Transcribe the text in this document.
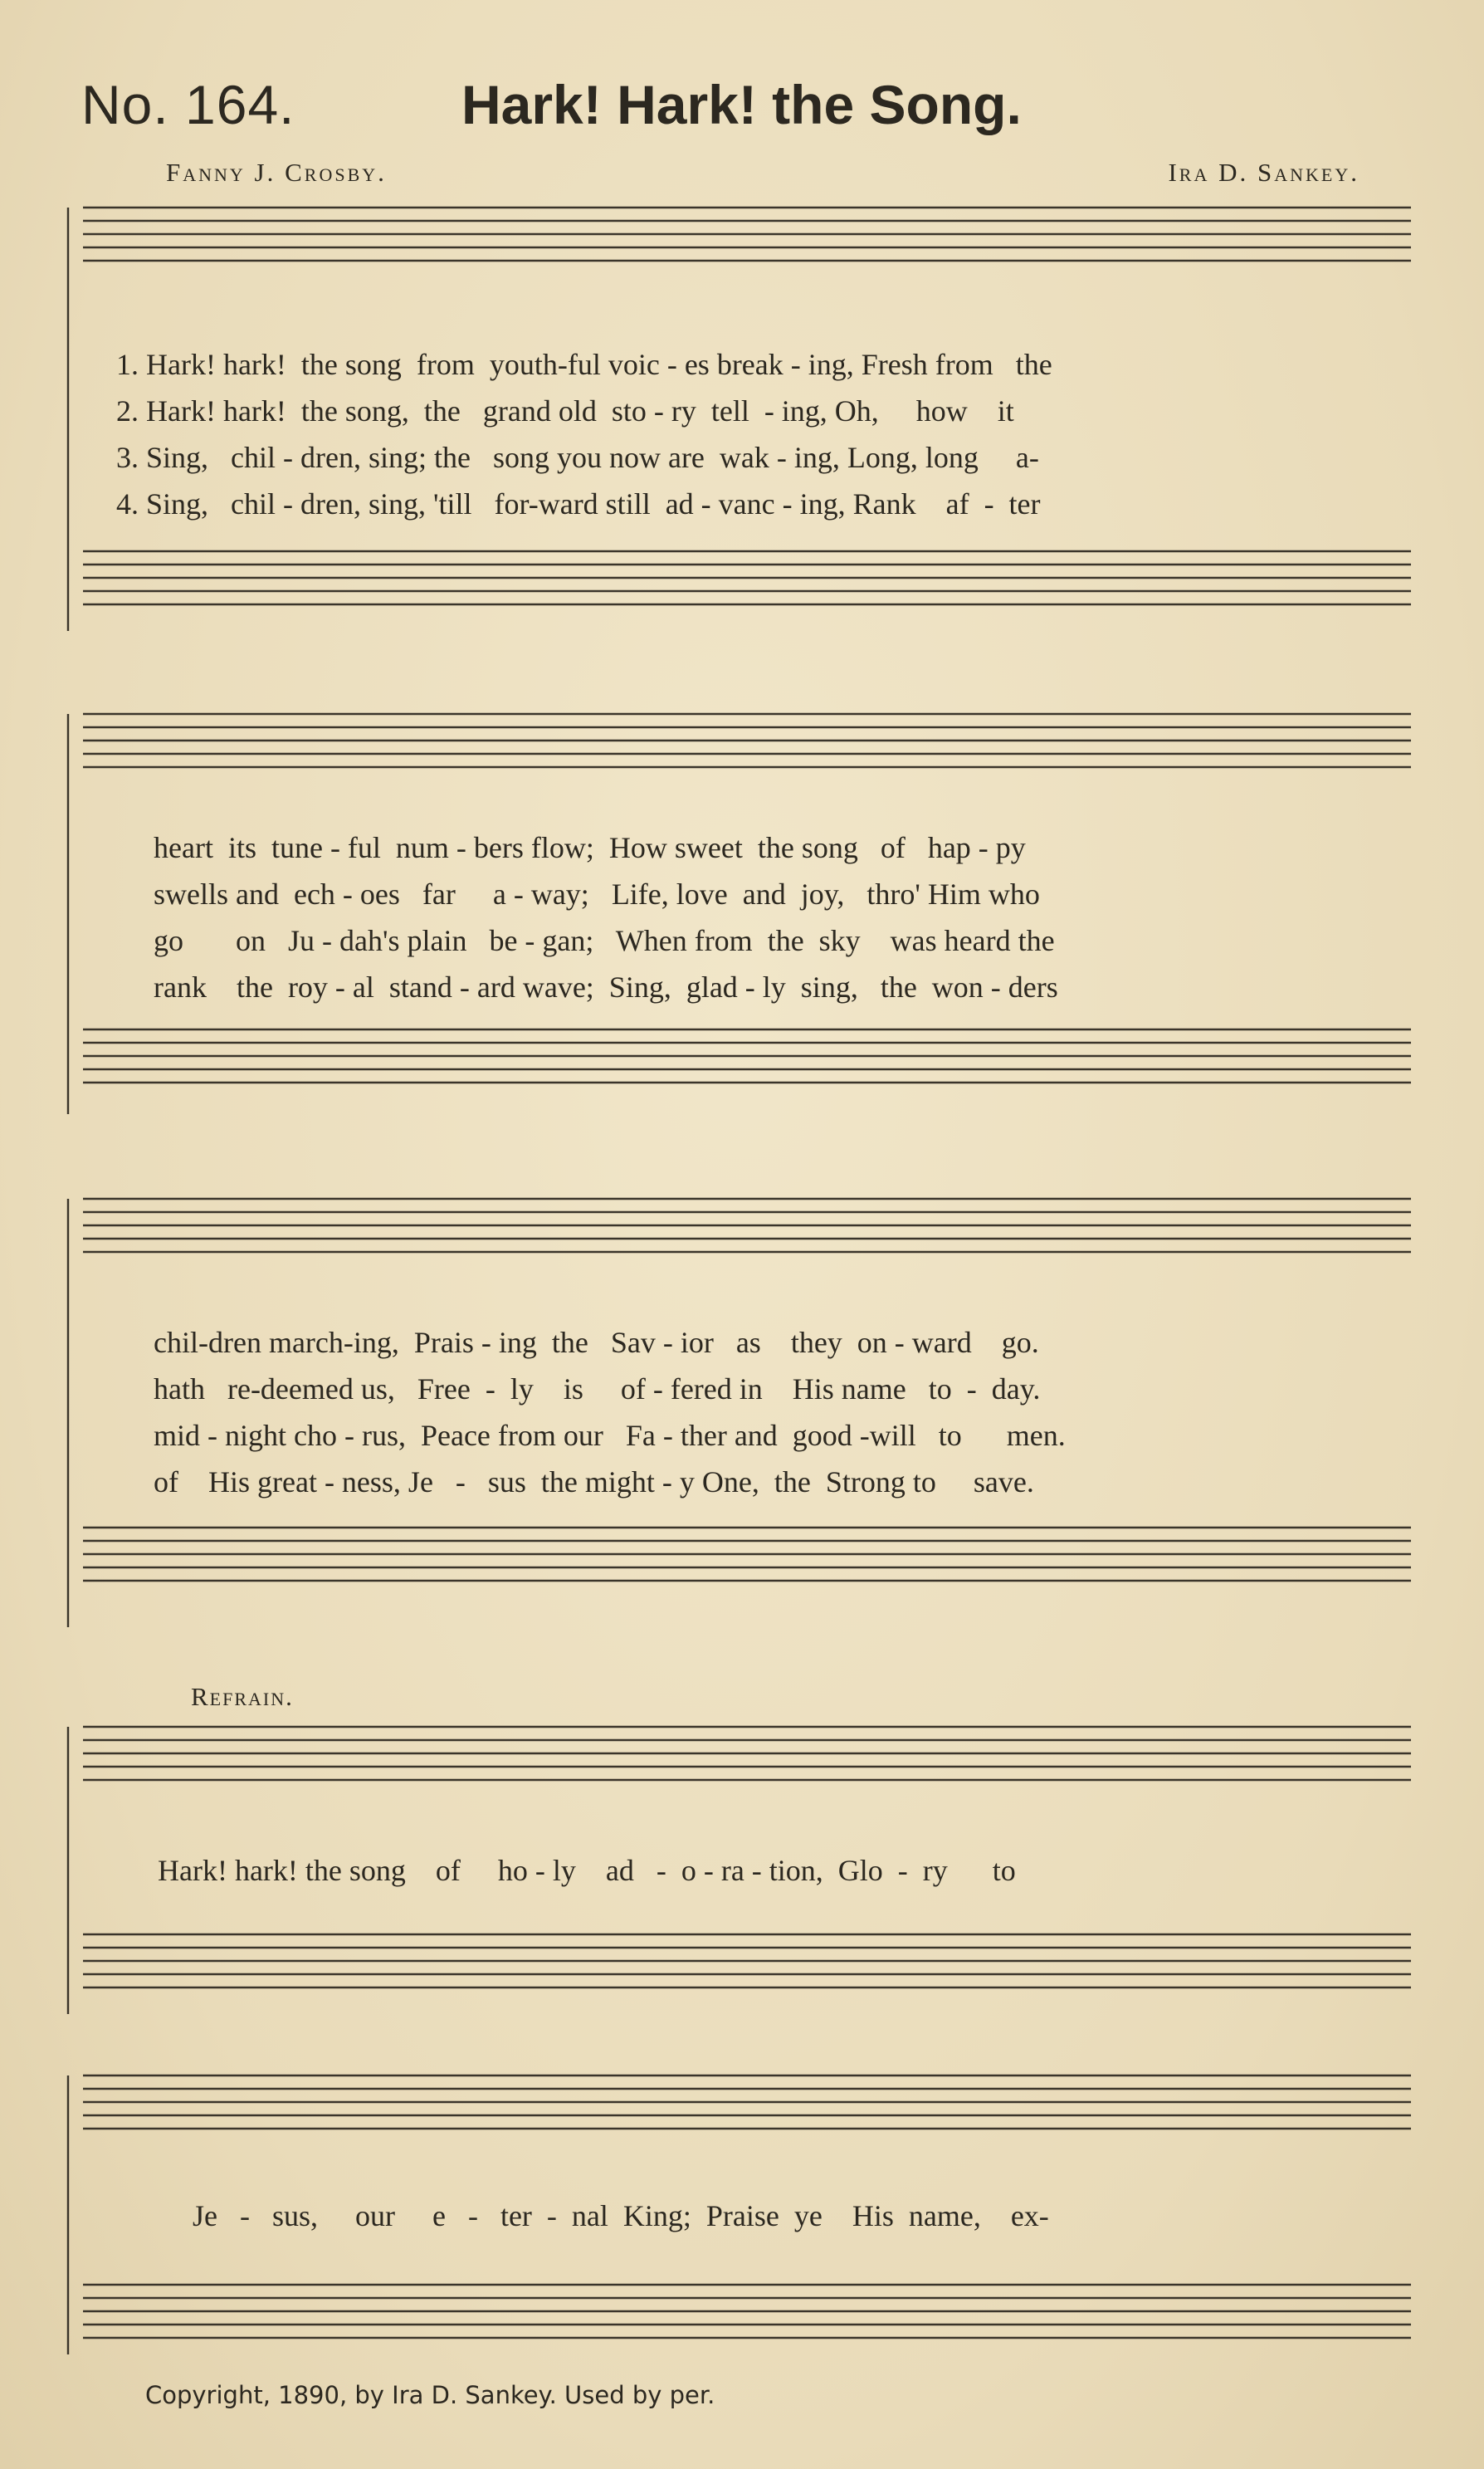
No. 164.	Hark! Hark! the Song.
Fanny J. Crosby.	Ira D. Sankey.
1. Hark! hark!  the song  from  youth-ful voic - es break - ing, Fresh from   the
2. Hark! hark!  the song,  the   grand old  sto - ry  tell  - ing, Oh,     how    it
3. Sing,   chil - dren, sing; the   song you now are  wak - ing, Long, long     a-
4. Sing,   chil - dren, sing, 'till   for-ward still  ad - vanc - ing, Rank    af  -  ter
heart  its  tune - ful  num - bers flow;  How sweet  the song   of   hap - py
swells and  ech - oes   far     a - way;   Life, love  and  joy,   thro' Him who
go       on   Ju - dah's plain   be - gan;   When from  the  sky    was heard the
rank    the  roy - al  stand - ard wave;  Sing,  glad - ly  sing,   the  won - ders
chil-dren march-ing,  Prais - ing  the   Sav - ior   as    they  on - ward    go.
hath   re-deemed us,   Free  -  ly    is     of - fered in    His name   to  -  day.
mid - night cho - rus,  Peace from our   Fa - ther and  good -will   to      men.
of    His great - ness, Je   -   sus  the might - y One,  the  Strong to     save.
Refrain.
Hark! hark! the song    of     ho - ly    ad   -  o - ra - tion,  Glo  -  ry      to
Je   -   sus,     our     e   -   ter  -  nal  King;  Praise  ye    His  name,    ex-
Copyright, 1890, by Ira D. Sankey. Used by per.
